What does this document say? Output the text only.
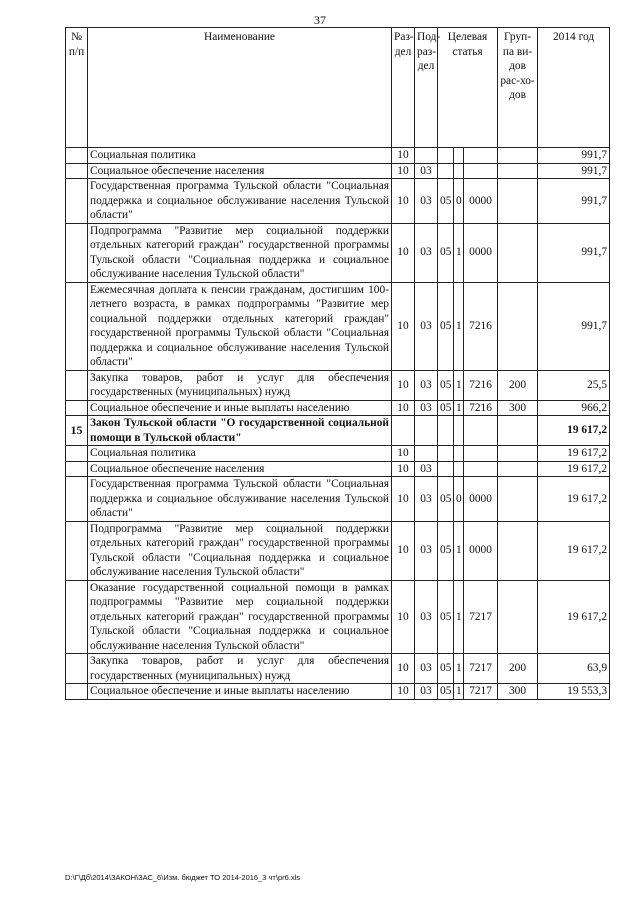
37
№ п/п	Наименование	Раз-дел	Под-раз-дел	Целевая статья			Груп-па ви-дов рас-хо-дов	2014 год
	Социальная политика	10						991,7
	Социальное обеспечение населения	10	03					991,7
	Государственная программа Тульской области "Социальная поддержка и социальное обслуживание населения Тульской области"	10	03	05	0	0000		991,7
	Подпрограмма "Развитие мер социальной поддержки отдельных категорий граждан" государственной программы Тульской области "Социальная поддержка и социальное обслуживание населения Тульской области"	10	03	05	1	0000		991,7
	Ежемесячная доплата к пенсии гражданам, достигшим 100-летнего возраста, в рамках подпрограммы "Развитие мер социальной поддержки отдельных категорий граждан" государственной программы Тульской области "Социальная поддержка и социальное обслуживание населения Тульской области"	10	03	05	1	7216		991,7
	Закупка товаров, работ и услуг для обеспечения государственных (муниципальных) нужд	10	03	05	1	7216	200	25,5
	Социальное обеспечение и иные выплаты населению	10	03	05	1	7216	300	966,2
15	Закон Тульской области "О государственной социальной помощи в Тульской области"							19 617,2
	Социальная политика	10						19 617,2
	Социальное обеспечение населения	10	03					19 617,2
	Государственная программа Тульской области "Социальная поддержка и социальное обслуживание населения Тульской области"	10	03	05	0	0000		19 617,2
	Подпрограмма "Развитие мер социальной поддержки отдельных категорий граждан" государственной программы Тульской области "Социальная поддержка и социальное обслуживание населения Тульской области"	10	03	05	1	0000		19 617,2
	Оказание государственной социальной помощи в рамках подпрограммы "Развитие мер социальной поддержки отдельных категорий граждан" государственной программы Тульской области "Социальная поддержка и социальное обслуживание населения Тульской области"	10	03	05	1	7217		19 617,2
	Закупка товаров, работ и услуг для обеспечения государственных (муниципальных) нужд	10	03	05	1	7217	200	63,9
	Социальное обеспечение и иные выплаты населению	10	03	05	1	7217	300	19 553,3
D:\Г\Дб\2014\ЗАКОН\ЗАС_6\Изм. бюджет ТО 2014-2016_3 чт\pr6.xls
